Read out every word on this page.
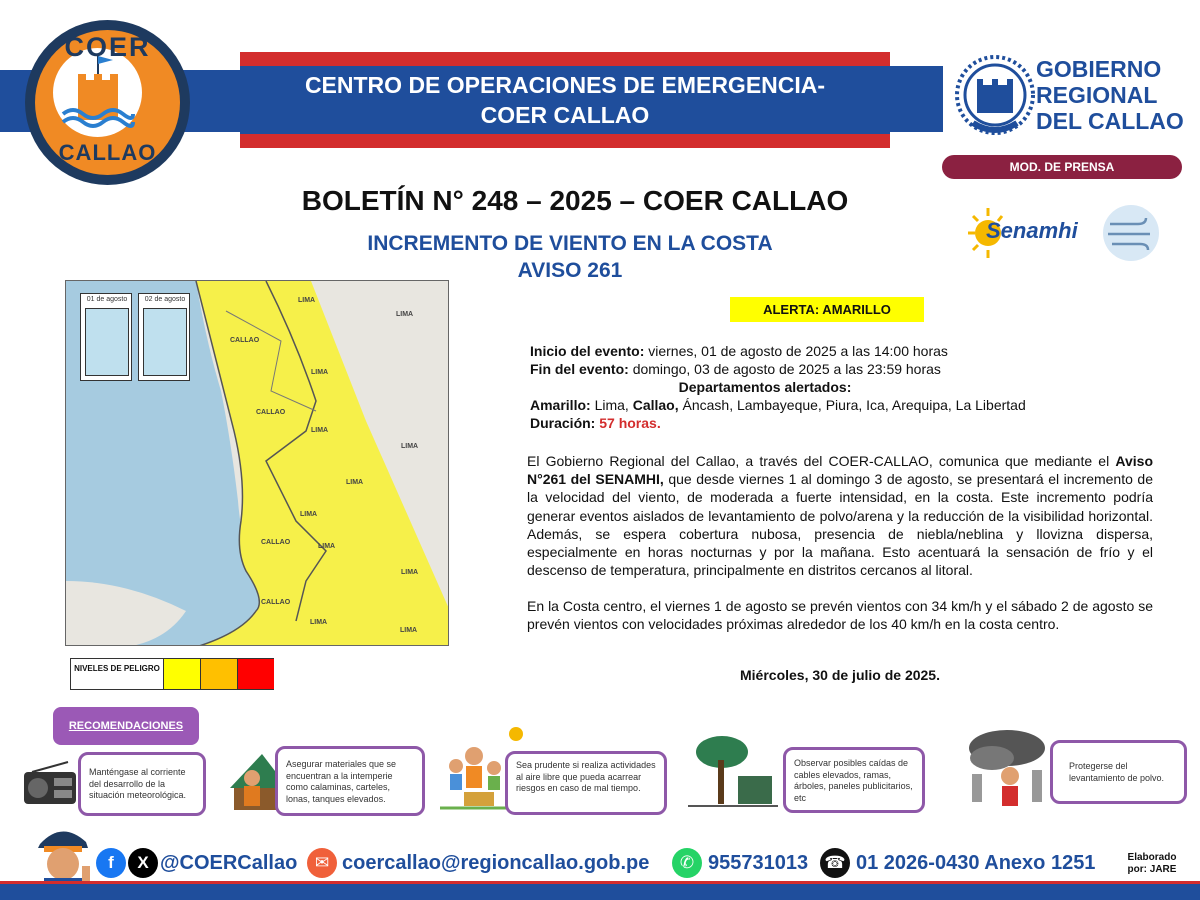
CENTRO DE OPERACIONES DE EMERGENCIA-
COER CALLAO
COER
CALLAO
GOBIERNO
REGIONAL
DEL CALLAO
MOD. DE PRENSA
Senamhi
BOLETÍN N° 248 – 2025 – COER CALLAO
INCREMENTO DE VIENTO EN LA COSTA
AVISO 261
01 de agosto	02 de agosto	LIMA
LIMA
CALLAO
LIMA
CALLAO
LIMA
LIMA
LIMA
LIMA
CALLAO
LIMA
LIMA
CALLAO
LIMA
LIMA
NIVELES DE PELIGRO
ALERTA: AMARILLO
Inicio del evento: viernes, 01 de agosto de 2025 a las 14:00 horas
Fin del evento: domingo, 03 de agosto de 2025 a las 23:59 horas
Departamentos alertados:
Amarillo: Lima, Callao, Áncash, Lambayeque, Piura, Ica, Arequipa, La Libertad
Duración: 57 horas.
El Gobierno Regional del Callao, a través del COER-CALLAO, comunica que mediante el Aviso N°261 del SENAMHI, que desde viernes 1 al domingo 3 de agosto, se presentará el incremento de la velocidad del viento, de moderada a fuerte intensidad, en la costa. Este incremento podría generar eventos aislados de levantamiento de polvo/arena y la reducción de la visibilidad horizontal. Además, se espera cobertura nubosa, presencia de niebla/neblina y llovizna dispersa, especialmente en horas nocturnas y por la mañana. Esto acentuará la sensación de frío y el descenso de temperatura, principalmente en distritos cercanos al litoral.
En la Costa centro, el viernes 1 de agosto se prevén vientos con 34 km/h y el sábado 2 de agosto se prevén vientos con velocidades próximas alrededor de los 40 km/h en la costa centro.
Miércoles, 30 de julio de 2025.
RECOMENDACIONES
Manténgase al corriente del desarrollo de la situación meteorológica.
Asegurar materiales que se encuentran a la intemperie como calaminas, carteles, lonas, tanques elevados.
Sea prudente si realiza actividades al aire libre que pueda acarrear riesgos en caso de mal tiempo.
Observar posibles caídas de cables elevados, ramas, árboles, paneles publicitarios, etc
Protegerse del levantamiento de polvo.
f	X @COERCallao	✉ coercallao@regioncallao.gob.pe	✆ 955731013 ☎ 01 2026-0430 Anexo 1251	Elaborado
por: JARE
